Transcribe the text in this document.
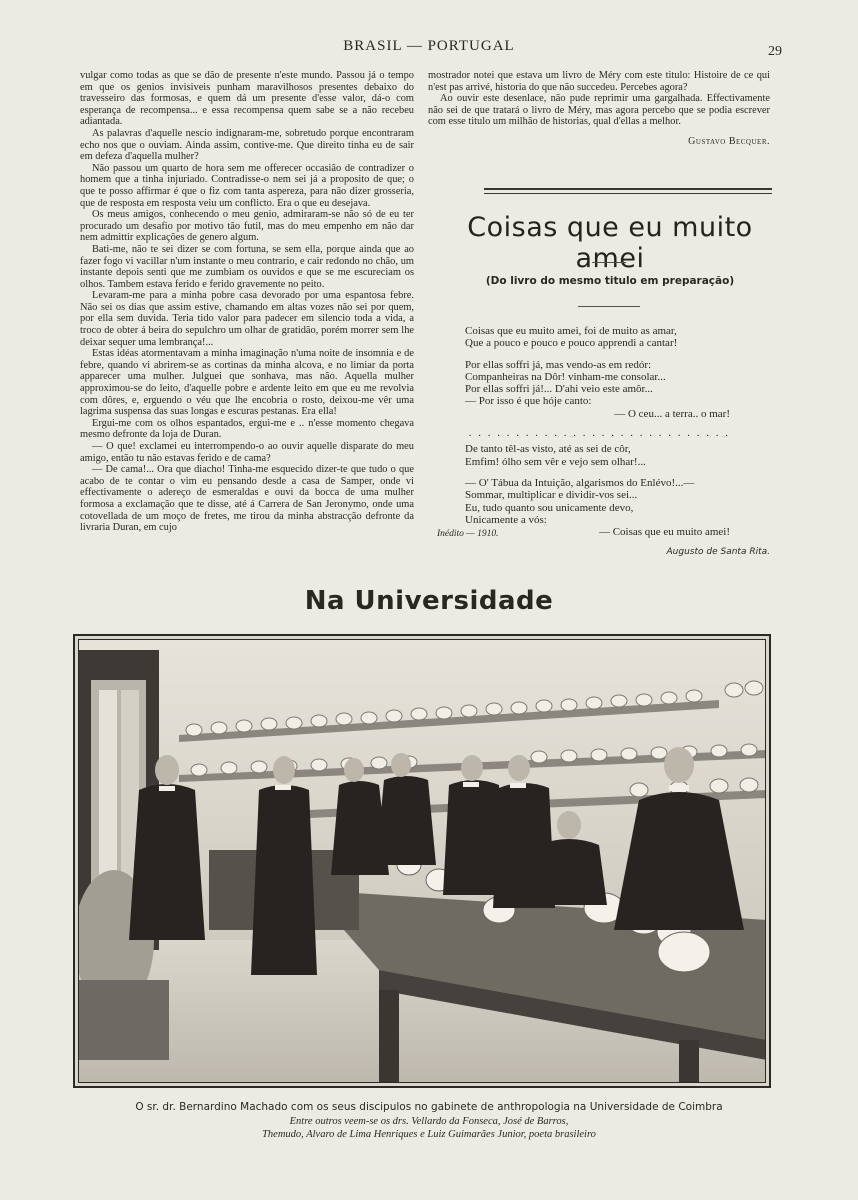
BRASIL — PORTUGAL	29

vulgar como todas as que se dão de presente n'este mundo. Passou já o tempo em que os genios invisiveis punham maravilhosos presentes debaixo do travesseiro das formosas, e quem dá um presente d'esse valor, dá-o com esperança de recompensa... e essa recompensa quem sabe se a não recebeu adiantada.

As palavras d'aquelle nescio indignaram-me, sobretudo porque encontraram echo nos que o ouviam. Ainda assim, contive-me. Que direito tinha eu de sair em defeza d'aquella mulher?

Não passou um quarto de hora sem me offerecer occasião de contradizer o homem que a tinha injuriado. Contradisse-o nem sei já a proposito de que; o que te posso affirmar é que o fiz com tanta aspereza, para não dizer grosseria, que de resposta em resposta veiu um conflicto. Era o que eu desejava.

Os meus amigos, conhecendo o meu genio, admiraram-se não só de eu ter procurado um desafio por motivo tão futil, mas do meu empenho em não dar nem admittir explicações de genero algum.

Bati-me, não te sei dizer se com fortuna, se sem ella, porque ainda que ao fazer fogo vi vacillar n'um instante o meu contrario, e cair redondo no chão, um instante depois senti que me zumbiam os ouvidos e que se me escureciam os olhos. Tambem estava ferido e ferido gravemente no peito.

Levaram-me para a minha pobre casa devorado por uma espantosa febre. Não sei os dias que assim estive, chamando em altas vozes não sei por quem, por ella sem duvida. Teria tido valor para padecer em silencio toda a vida, a troco de obter á beira do sepulchro um olhar de gratidão, porém morrer sem lhe deixar sequer uma lembrança!...

Estas idéas atormentavam a minha imaginação n'uma noite de insomnia e de febre, quando vi abrirem-se as cortinas da minha alcova, e no limiar da porta apparecer uma mulher. Julguei que sonhava, mas não. Aquella mulher approximou-se do leito, d'aquelle pobre e ardente leito em que eu me revolvia com dôres, e, erguendo o véu que lhe encobria o rosto, deixou-me vêr uma lagrima suspensa das suas longas e escuras pestanas. Era ella!

Ergui-me com os olhos espantados, ergui-me e .. n'esse momento chegava mesmo defronte da loja de Duran.

— O que! exclamei eu interrompendo-o ao ouvir aquelle disparate do meu amigo, então tu não estavas ferido e de cama?

— De cama!... Ora que diacho! Tinha-me esquecido dizer-te que tudo o que acabo de te contar o vim eu pensando desde a casa de Samper, onde vi effectivamente o adereço de esmeraldas e ouvi da bocca de uma mulher formosa a exclamação que te disse, até á Carrera de San Jeronymo, onde uma cotovellada de um moço de fretes, me tirou da minha abstracção defronte da livraria Duran, em cujo

mostrador notei que estava um livro de Méry com este titulo: Histoire de ce qui n'est pas arrivé, historia do que não succedeu. Percebes agora?

Ao ouvir este desenlace, não pude reprimir uma gargalhada. Effectivamente não sei de que tratará o livro de Méry, mas agora percebo que se podia escrever com esse titulo um milhão de historias, qual d'ellas a melhor.

Gustavo Becquer.
Coisas que eu muito amei
(Do livro do mesmo titulo em preparação)
Coisas que eu muito amei, foi de muito as amar,
Que a pouco e pouco e pouco apprendi a cantar!
Por ellas soffri já, mas vendo-as em redór:
Companheiras na Dôr! vinham-me consolar...
Por ellas soffri já!... D'ahi veio este amôr...
— Por isso é que hóje canto:
— O ceu... a terra.. o mar!
. . . . . . . . . . . . . . . . . . . . . . . . . . . .
De tanto têl-as visto, até as sei de côr,
Emfim! ólho sem vêr e vejo sem olhar!...
— O' Tábua da Intuição, algarismos do Enlévo!...—
Sommar, multiplicar e dividir-vos sei...
Eu, tudo quanto sou unicamente devo,
Unicamente a vós:
— Coisas que eu muito amei!
Inédito — 1910.
Augusto de Santa Rita.
Na Universidade
O sr. dr. Bernardino Machado com os seus discipulos no gabinete de anthropologia na Universidade de Coimbra
Entre outros veem-se os drs. Vellardo da Fonseca, José de Barros,
Themudo, Alvaro de Lima Henriques e Luiz Guimarães Junior, poeta brasileiro
